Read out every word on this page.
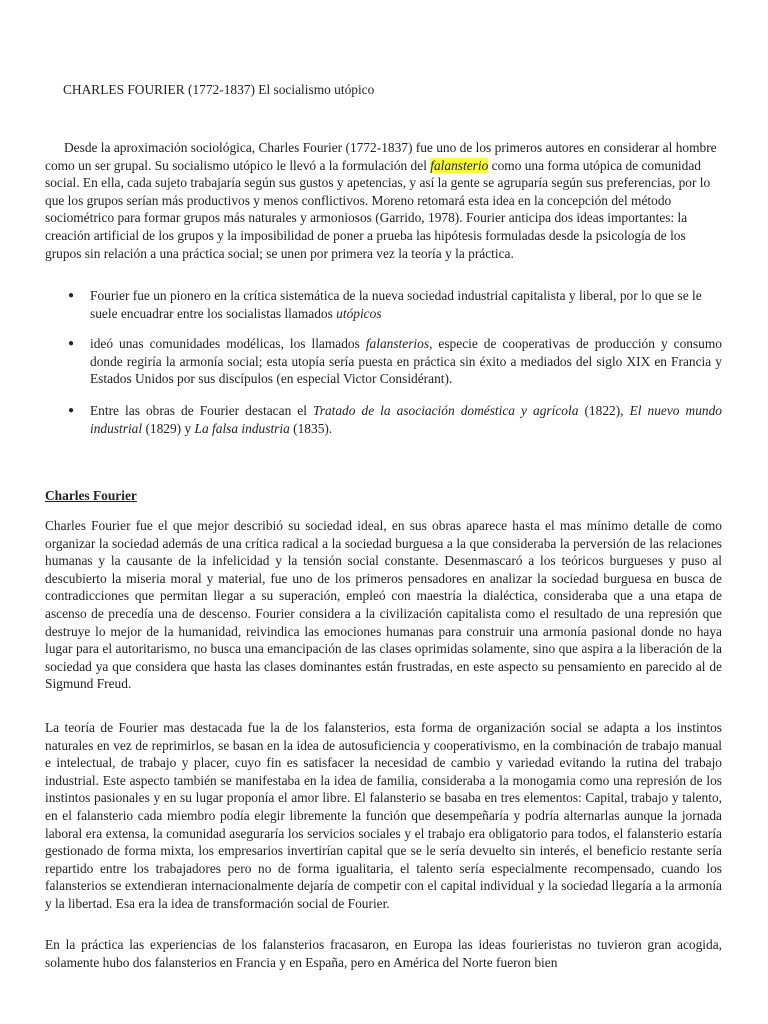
CHARLES FOURIER (1772-1837) El socialismo utópico

Desde la aproximación sociológica, Charles Fourier (1772-1837) fue uno de los primeros autores en considerar al hombre como un ser grupal. Su socialismo utópico le llevó a la formulación del falansterio como una forma utópica de comunidad social. En ella, cada sujeto trabajaría según sus gustos y apetencias, y así la gente se agruparía según sus preferencias, por lo que los grupos serían más productivos y menos conflictivos. Moreno retomará esta idea en la concepción del método sociométrico para formar grupos más naturales y armoniosos (Garrido, 1978). Fourier anticipa dos ideas importantes: la creación artificial de los grupos y la imposibilidad de poner a prueba las hipótesis formuladas desde la psicología de los grupos sin relación a una práctica social; se unen por primera vez la teoría y la práctica.

● Fourier fue un pionero en la crítica sistemática de la nueva sociedad industrial capitalista y liberal, por lo que se le suele encuadrar entre los socialistas llamados utópicos
● ideó unas comunidades modélicas, los llamados falansterios, especie de cooperativas de producción y consumo donde regiría la armonía social; esta utopía sería puesta en práctica sin éxito a mediados del siglo XIX en Francia y Estados Unidos por sus discípulos (en especial Victor Considérant).
● Entre las obras de Fourier destacan el Tratado de la asociación doméstica y agrícola (1822), El nuevo mundo industrial (1829) y La falsa industria (1835).

Charles Fourier

Charles Fourier fue el que mejor describió su sociedad ideal, en sus obras aparece hasta el mas mínimo detalle de como organizar la sociedad además de una crítica radical a la sociedad burguesa a la que consideraba la perversión de las relaciones humanas y la causante de la infelicidad y la tensión social constante. Desenmascaró a los teóricos burgueses y puso al descubierto la miseria moral y material, fue uno de los primeros pensadores en analizar la sociedad burguesa en busca de contradicciones que permitan llegar a su superación, empleó con maestría la dialéctica, consideraba que a una etapa de ascenso de precedía una de descenso. Fourier considera a la civilización capitalista como el resultado de una represión que destruye lo mejor de la humanidad, reivindica las emociones humanas para construir una armonía pasional donde no haya lugar para el autoritarismo, no busca una emancipación de las clases oprimidas solamente, sino que aspira a la liberación de la sociedad ya que considera que hasta las clases dominantes están frustradas, en este aspecto su pensamiento en parecido al de Sigmund Freud.

La teoría de Fourier mas destacada fue la de los falansterios, esta forma de organización social se adapta a los instintos naturales en vez de reprimirlos, se basan en la idea de autosuficiencia y cooperativismo, en la combinación de trabajo manual e intelectual, de trabajo y placer, cuyo fin es satisfacer la necesidad de cambio y variedad evitando la rutina del trabajo industrial. Este aspecto también se manifestaba en la idea de familia, consideraba a la monogamia como una represión de los instintos pasionales y en su lugar proponía el amor libre. El falansterio se basaba en tres elementos: Capital, trabajo y talento, en el falansterio cada miembro podía elegir libremente la función que desempeñaría y podría alternarlas aunque la jornada laboral era extensa, la comunidad aseguraría los servicios sociales y el trabajo era obligatorio para todos, el falansterio estaría gestionado de forma mixta, los empresarios invertirían capital que se le sería devuelto sin interés, el beneficio restante sería repartido entre los trabajadores pero no de forma igualitaria, el talento sería especialmente recompensado, cuando los falansterios se extendieran internacionalmente dejaría de competir con el capital individual y la sociedad llegaría a la armonía y la libertad. Esa era la idea de transformación social de Fourier.

En la práctica las experiencias de los falansterios fracasaron, en Europa las ideas fourieristas no tuvieron gran acogida, solamente hubo dos falansterios en Francia y en España, pero en América del Norte fueron bien
